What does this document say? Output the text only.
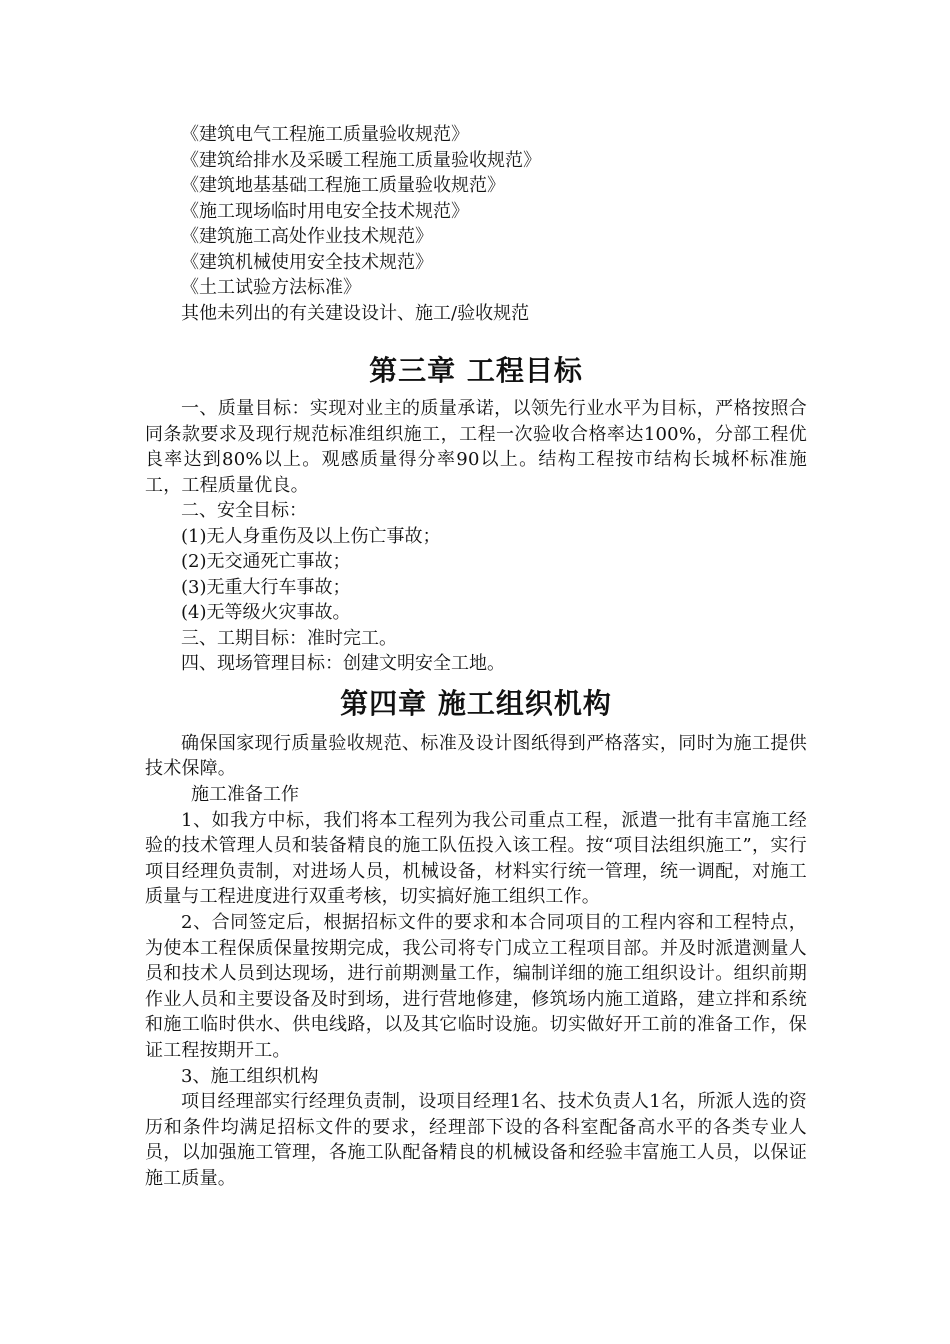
《建筑电气工程施工质量验收规范》

《建筑给排水及采暖工程施工质量验收规范》

《建筑地基基础工程施工质量验收规范》

《施工现场临时用电安全技术规范》

《建筑施工高处作业技术规范》

《建筑机械使用安全技术规范》

《土工试验方法标准》

其他未列出的有关建设设计、施工/验收规范

第三章 工程目标

一、质量目标：实现对业主的质量承诺，以领先行业水平为目标，严格按照合同条款要求及现行规范标准组织施工，工程一次验收合格率达100%，分部工程优良率达到80%以上。观感质量得分率90以上。结构工程按市结构长城杯标准施工，工程质量优良。

二、安全目标：

(1)无人身重伤及以上伤亡事故；

(2)无交通死亡事故；

(3)无重大行车事故；

(4)无等级火灾事故。

三、工期目标：准时完工。

四、现场管理目标：创建文明安全工地。

第四章 施工组织机构

确保国家现行质量验收规范、标准及设计图纸得到严格落实，同时为施工提供技术保障。

施工准备工作

1、如我方中标，我们将本工程列为我公司重点工程，派遣一批有丰富施工经验的技术管理人员和装备精良的施工队伍投入该工程。按“项目法组织施工”，实行项目经理负责制，对进场人员，机械设备，材料实行统一管理，统一调配，对施工质量与工程进度进行双重考核，切实搞好施工组织工作。

2、合同签定后，根据招标文件的要求和本合同项目的工程内容和工程特点，为使本工程保质保量按期完成，我公司将专门成立工程项目部。并及时派遣测量人员和技术人员到达现场，进行前期测量工作，编制详细的施工组织设计。组织前期作业人员和主要设备及时到场，进行营地修建，修筑场内施工道路，建立拌和系统和施工临时供水、供电线路，以及其它临时设施。切实做好开工前的准备工作，保证工程按期开工。

3、施工组织机构

项目经理部实行经理负责制，设项目经理1名、技术负责人1名，所派人选的资历和条件均满足招标文件的要求，经理部下设的各科室配备高水平的各类专业人员，以加强施工管理，各施工队配备精良的机械设备和经验丰富施工人员，以保证施工质量。
